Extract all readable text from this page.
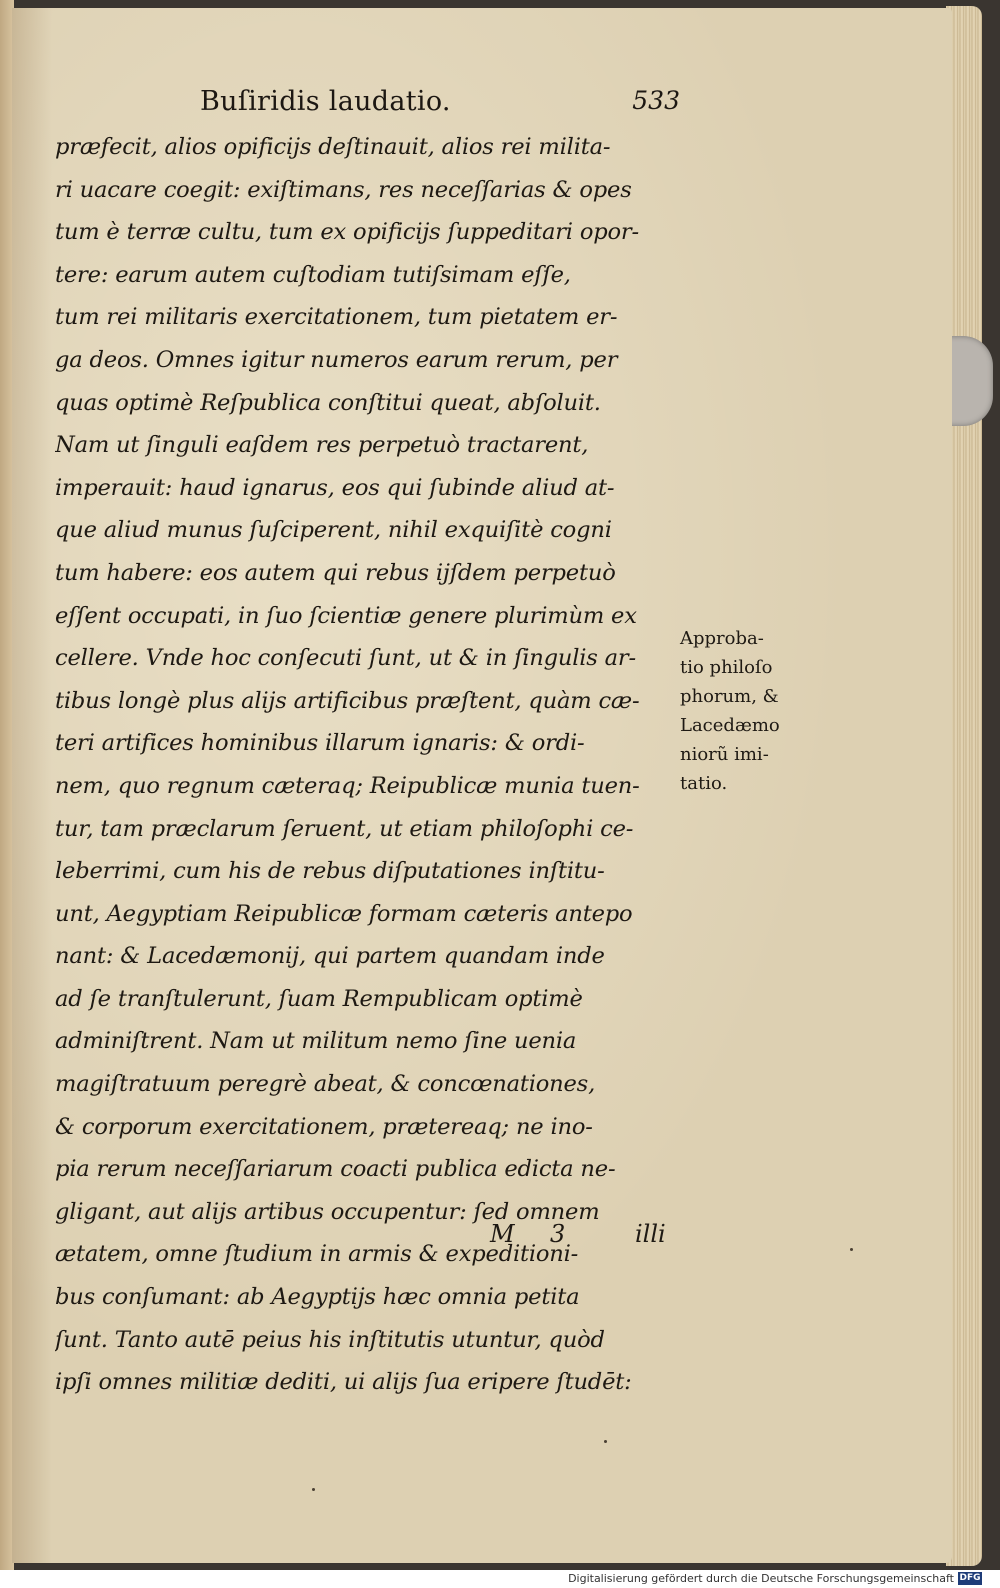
Buſiridis laudatio.	533
præfecit, alios opificijs deſtinauit, alios rei milita-
ri uacare coegit: exiſtimans, res neceſſarias & opes
tum è terræ cultu, tum ex opificijs ſuppeditari opor-
tere: earum autem cuſtodiam tutiſsimam eſſe,
tum rei militaris exercitationem, tum pietatem er-
ga deos. Omnes igitur numeros earum rerum, per
quas optimè Reſpublica conſtitui queat, abſoluit.
Nam ut ſinguli eaſdem res perpetuò tractarent,
imperauit: haud ignarus, eos qui ſubinde aliud at-
que aliud munus ſuſciperent, nihil exquiſitè cogni
tum habere: eos autem qui rebus ijſdem perpetuò
eſſent occupati, in ſuo ſcientiæ genere plurimùm ex
cellere. Vnde hoc conſecuti ſunt, ut & in ſingulis ar-
tibus longè plus alijs artificibus præſtent, quàm cæ-
teri artifices hominibus illarum ignaris: & ordi-
nem, quo regnum cæteraq; Reipublicæ munia tuen-
tur, tam præclarum ſeruent, ut etiam philoſophi ce-
leberrimi, cum his de rebus diſputationes inſtitu-
unt, Aegyptiam Reipublicæ formam cæteris antepo
nant: & Lacedæmonij, qui partem quandam inde
ad ſe tranſtulerunt, ſuam Rempublicam optimè
adminiſtrent. Nam ut militum nemo ſine uenia
magiſtratuum peregrè abeat, & concœnationes,
& corporum exercitationem, prætereaq; ne ino-
pia rerum neceſſariarum coacti publica edicta ne-
gligant, aut alijs artibus occupentur: ſed omnem
ætatem, omne ſtudium in armis & expeditioni-
bus conſumant: ab Aegyptijs hæc omnia petita
ſunt. Tanto autē peius his inſtitutis utuntur, quòd
ipſi omnes militiæ dediti, ui alijs ſua eripere ſtudēt:
Approba-
tio philoſo
phorum, &
Lacedæmo
niorũ imi-
tatio.
M 3	illi
Digitalisierung gefördert durch die Deutsche Forschungsgemeinschaft DFG
